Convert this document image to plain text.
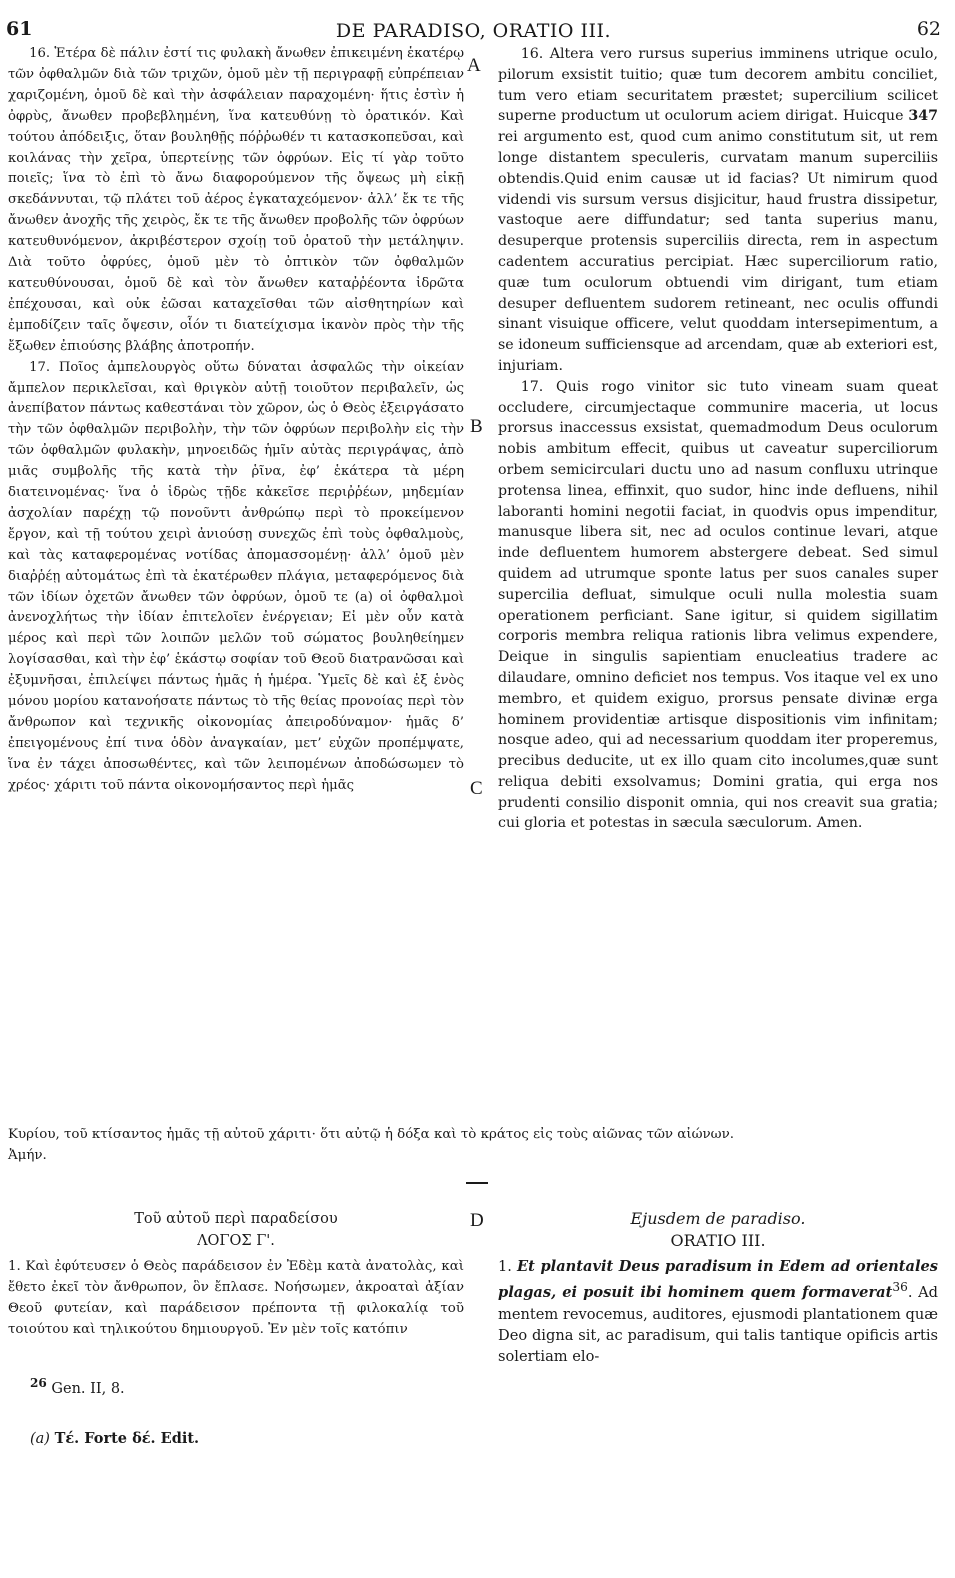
61	DE PARADISO, ORATIO III.	62

16. Ἑτέρα δὲ πάλιν ἐστί τις φυλακὴ ἄνωθεν ἐπικειμένη ἑκατέρῳ τῶν ὀφθαλμῶν διὰ τῶν τριχῶν, ὁμοῦ μὲν τῇ περιγραφῇ εὐπρέπειαν χαριζομένη, ὁμοῦ δὲ καὶ τὴν ἀσφάλειαν παραχομένη· ἥτις ἐστὶν ἡ ὀφρὺς, ἄνωθεν προβεβλημένη, ἵνα κατευθύνῃ τὸ ὁρατικόν. Καὶ τούτου ἀπόδειξις, ὅταν βουληθῇς πόῤῥωθέν τι κατασκοπεῦσαι, καὶ κοιλάνας τὴν χεῖρα, ὑπερτείνῃς τῶν ὀφρύων. Εἰς τί γὰρ τοῦτο ποιεῖς; ἵνα τὸ ἐπὶ τὸ ἄνω διαφορούμενον τῆς ὄψεως μὴ εἰκῇ σκεδάννυται, τῷ πλάτει τοῦ ἀέρος ἐγκαταχεόμενον· ἀλλ’ ἔκ τε τῆς ἄνωθεν ἀνοχῆς τῆς χειρὸς, ἔκ τε τῆς ἄνωθεν προβολῆς τῶν ὀφρύων κατευθυνόμενον, ἀκριβέστερον σχοίῃ τοῦ ὁρατοῦ τὴν μετάληψιν. Διὰ τοῦτο ὀφρύες, ὁμοῦ μὲν τὸ ὀπτικὸν τῶν ὀφθαλμῶν κατευθύνουσαι, ὁμοῦ δὲ καὶ τὸν ἄνωθεν καταῤῥέοντα ἱδρῶτα ἐπέχουσαι, καὶ οὐκ ἐῶσαι καταχεῖσθαι τῶν αἰσθητηρίων καὶ ἐμποδίζειν ταῖς ὄψεσιν, οἷόν τι διατείχισμα ἱκανὸν πρὸς τὴν τῆς ἔξωθεν ἐπιούσης βλάβης ἀποτροπήν.

17. Ποῖος ἀμπελουργὸς οὕτω δύναται ἀσφαλῶς τὴν οἰκείαν ἄμπελον περικλεῖσαι, καὶ θριγκὸν αὐτῇ τοιοῦτον περιβαλεῖν, ὡς ἀνεπίβατον πάντως καθεστάναι τὸν χῶρον, ὡς ὁ Θεὸς ἐξειργάσατο τὴν τῶν ὀφθαλμῶν περιβολὴν, τὴν τῶν ὀφρύων περιβολὴν εἰς τὴν τῶν ὀφθαλμῶν φυλακὴν, μηνοειδῶς ἡμῖν αὐτὰς περιγράψας, ἀπὸ μιᾶς συμβολῆς τῆς κατὰ τὴν ῥῖνα, ἐφ’ ἑκάτερα τὰ μέρη διατεινομένας· ἵνα ὁ ἱδρὼς τῇδε κἀκεῖσε περιῤῥέων, μηδεμίαν ἀσχολίαν παρέχῃ τῷ πονοῦντι ἀνθρώπῳ περὶ τὸ προκείμενον ἔργον, καὶ τῇ τούτου χειρὶ ἀνιούσῃ συνεχῶς ἐπὶ τοὺς ὀφθαλμοὺς, καὶ τὰς καταφερομένας νοτίδας ἀπομασσομένῃ· ἀλλ’ ὁμοῦ μὲν διαῤῥέῃ αὐτομάτως ἐπὶ τὰ ἑκατέρωθεν πλάγια, μεταφερόμενος διὰ τῶν ἰδίων ὀχετῶν ἄνωθεν τῶν ὀφρύων, ὁμοῦ τε (a) οἱ ὀφθαλμοὶ ἀνενοχλήτως τὴν ἰδίαν ἐπιτελοῖεν ἐνέργειαν; Εἰ μὲν οὖν κατὰ μέρος καὶ περὶ τῶν λοιπῶν μελῶν τοῦ σώματος βουληθείημεν λογίσασθαι, καὶ τὴν ἐφ’ ἑκάστῳ σοφίαν τοῦ Θεοῦ διατρανῶσαι καὶ ἐξυμνῆσαι, ἐπιλείψει πάντως ἡμᾶς ἡ ἡμέρα. Ὑμεῖς δὲ καὶ ἐξ ἑνὸς μόνου μορίου κατανοήσατε πάντως τὸ τῆς θείας προνοίας περὶ τὸν ἄνθρωπον καὶ τεχνικῆς οἰκονομίας ἀπειροδύναμον· ἡμᾶς δ’ ἐπειγομένους ἐπί τινα ὁδὸν ἀναγκαίαν, μετ’ εὐχῶν προπέμψατε, ἵνα ἐν τάχει ἀποσωθέντες, καὶ τῶν λειπομένων ἀποδώσωμεν τὸ χρέος· χάριτι τοῦ πάντα οἰκονομήσαντος περὶ ἡμᾶς

16. Altera vero rursus superius imminens utrique oculo, pilorum exsistit tuitio; quæ tum decorem ambitu conciliet, tum vero etiam securitatem præstet; supercilium scilicet superne productum ut oculorum aciem dirigat. Huicque 347 rei argumento est, quod cum animo constitutum sit, ut rem longe distantem speculeris, curvatam manum superciliis obtendis.Quid enim causæ ut id facias? Ut nimirum quod videndi vis sursum versus disjicitur, haud frustra dissipetur, vastoque aere diffundatur; sed tanta superius manu, desuperque protensis superciliis directa, rem in aspectum cadentem accuratius percipiat. Hæc superciliorum ratio, quæ tum oculorum obtuendi vim dirigant, tum etiam desuper defluentem sudorem retineant, nec oculis offundi sinant visuique officere, velut quoddam intersepimentum, a se idoneum sufficiensque ad arcendam, quæ ab exteriori est, injuriam.

17. Quis rogo vinitor sic tuto vineam suam queat occludere, circumjectaque communire maceria, ut locus prorsus inaccessus exsistat, quemadmodum Deus oculorum nobis ambitum effecit, quibus ut caveatur superciliorum orbem semicirculari ductu uno ad nasum confluxu utrinque protensa linea, effinxit, quo sudor, hinc inde defluens, nihil laboranti homini negotii faciat, in quodvis opus impenditur, manusque libera sit, nec ad oculos continue levari, atque inde defluentem humorem abstergere debeat. Sed simul quidem ad utrumque sponte latus per suos canales super supercilia defluat, simulque oculi nulla molestia suam operationem perficiant. Sane igitur, si quidem sigillatim corporis membra reliqua rationis libra velimus expendere, Deique in singulis sapientiam enucleatius tradere ac dilaudare, omnino deficiet nos tempus. Vos itaque vel ex uno membro, et quidem exiguo, prorsus pensate divinæ erga hominem providentiæ artisque dispositionis vim infinitam; nosque adeo, qui ad necessarium quoddam iter properemus, precibus deducite, ut ex illo quam cito incolumes,quæ sunt reliqua debiti exsolvamus; Domini gratia, qui erga nos prudenti consilio disponit omnia, qui nos creavit sua gratia; cui gloria et potestas in sæcula sæculorum. Amen.

A
B
C
D
Κυρίου, τοῦ κτίσαντος ἡμᾶς τῇ αὐτοῦ χάριτι· ὅτι αὐτῷ ἡ δόξα καὶ τὸ κράτος εἰς τοὺς αἰῶνας τῶν αἰώνων.
Ἀμήν.
Τοῦ αὐτοῦ περὶ παραδείσου
ΛΟΓΟΣ Γ'.
Ejusdem de paradiso.
ORATIO III.

1. Καὶ ἐφύτευσεν ὁ Θεὸς παράδεισον ἐν Ἐδὲμ κατὰ ἀνατολὰς, καὶ ἔθετο ἐκεῖ τὸν ἄνθρωπον, ὃν ἔπλασε. Νοήσωμεν, ἀκροαταὶ ἀξίαν Θεοῦ φυτείαν, καὶ παράδεισον πρέποντα τῇ φιλοκαλίᾳ τοῦ τοιούτου καὶ τηλικούτου δημιουργοῦ. Ἐν μὲν τοῖς κατόπιν

1. Et plantavit Deus paradisum in Edem ad orientales plagas, ei posuit ibi hominem quem formaverat$^{36}$. Ad mentem revocemus, auditores, ejusmodi plantationem quæ Deo digna sit, ac paradisum, qui talis tantique opificis artis solertiam elo-

$^{26}$ Gen. II, 8.
(a) Τέ. Forte δέ. Edit.
